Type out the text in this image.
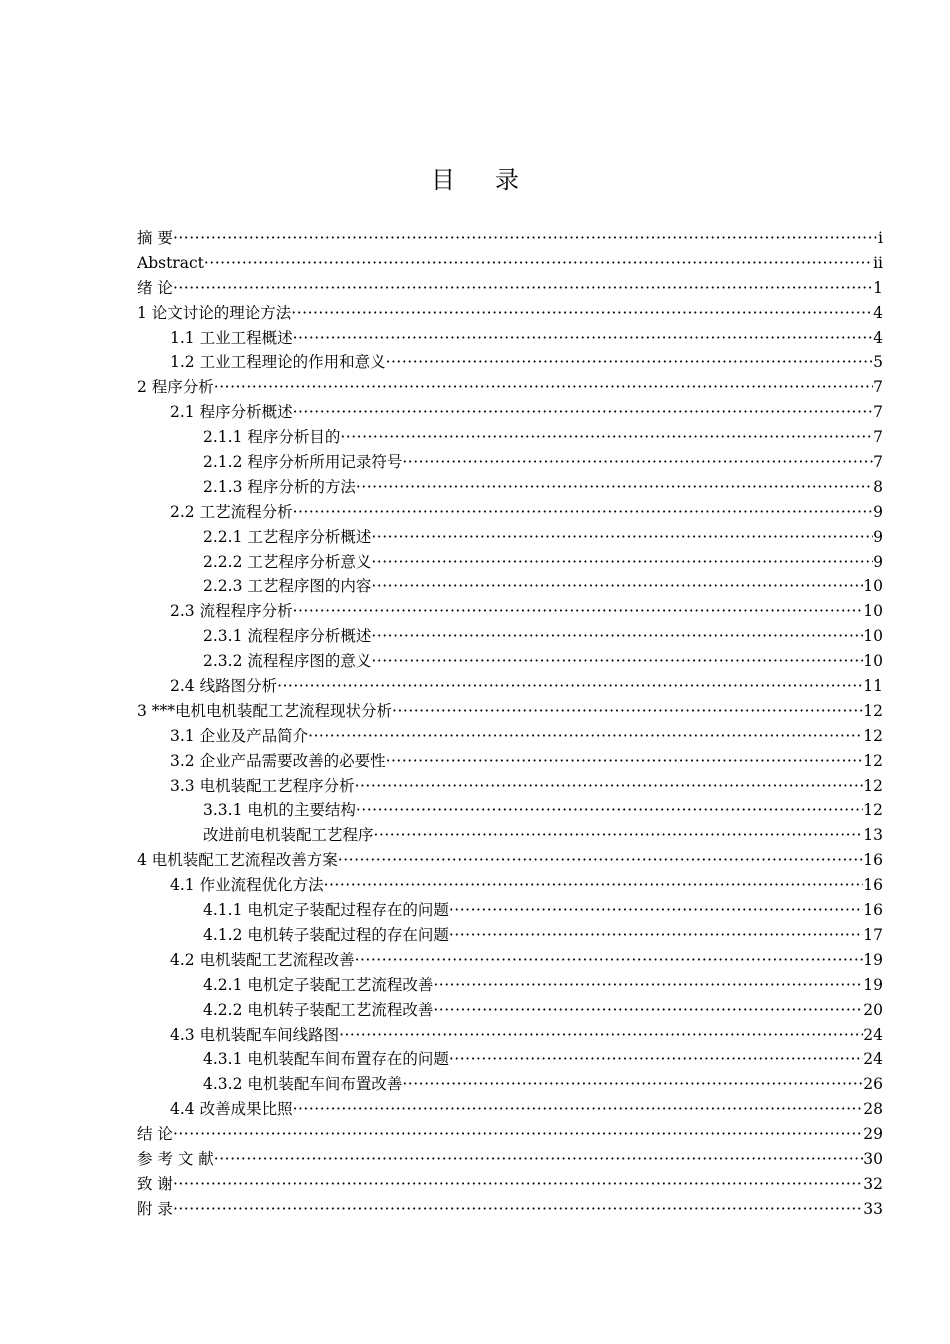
目录
摘 要 ·····	i
Abstract ·····	ii
绪 论 ·····	1
1 论文讨论的理论方法 ·····	4
1.1 工业工程概述 ·····	4
1.2 工业工程理论的作用和意义 ·····	5
2 程序分析 ·····	7
2.1 程序分析概述 ·····	7
2.1.1 程序分析目的 ·····	7
2.1.2 程序分析所用记录符号 ·····	7
2.1.3 程序分析的方法 ·····	8
2.2 工艺流程分析 ·····	9
2.2.1 工艺程序分析概述 ·····	9
2.2.2 工艺程序分析意义 ·····	9
2.2.3 工艺程序图的内容 ·····	10
2.3 流程程序分析 ·····	10
2.3.1 流程程序分析概述 ·····	10
2.3.2 流程程序图的意义 ·····	10
2.4 线路图分析 ·····	11
3 ***电机电机装配工艺流程现状分析 ·····	12
3.1 企业及产品简介 ·····	12
3.2 企业产品需要改善的必要性 ·····	12
3.3 电机装配工艺程序分析 ·····	12
3.3.1 电机的主要结构 ·····	12
改进前电机装配工艺程序 ·····	13
4 电机装配工艺流程改善方案 ·····	16
4.1 作业流程优化方法 ·····	16
4.1.1 电机定子装配过程存在的问题 ·····	16
4.1.2 电机转子装配过程的存在问题 ·····	17
4.2 电机装配工艺流程改善 ·····	19
4.2.1 电机定子装配工艺流程改善 ·····	19
4.2.2 电机转子装配工艺流程改善 ·····	20
4.3 电机装配车间线路图 ·····	24
4.3.1 电机装配车间布置存在的问题 ·····	24
4.3.2 电机装配车间布置改善 ·····	26
4.4 改善成果比照 ·····	28
结 论 ·····	29
参 考 文 献 ·····	30
致 谢 ·····	32
附 录 ·····	33
